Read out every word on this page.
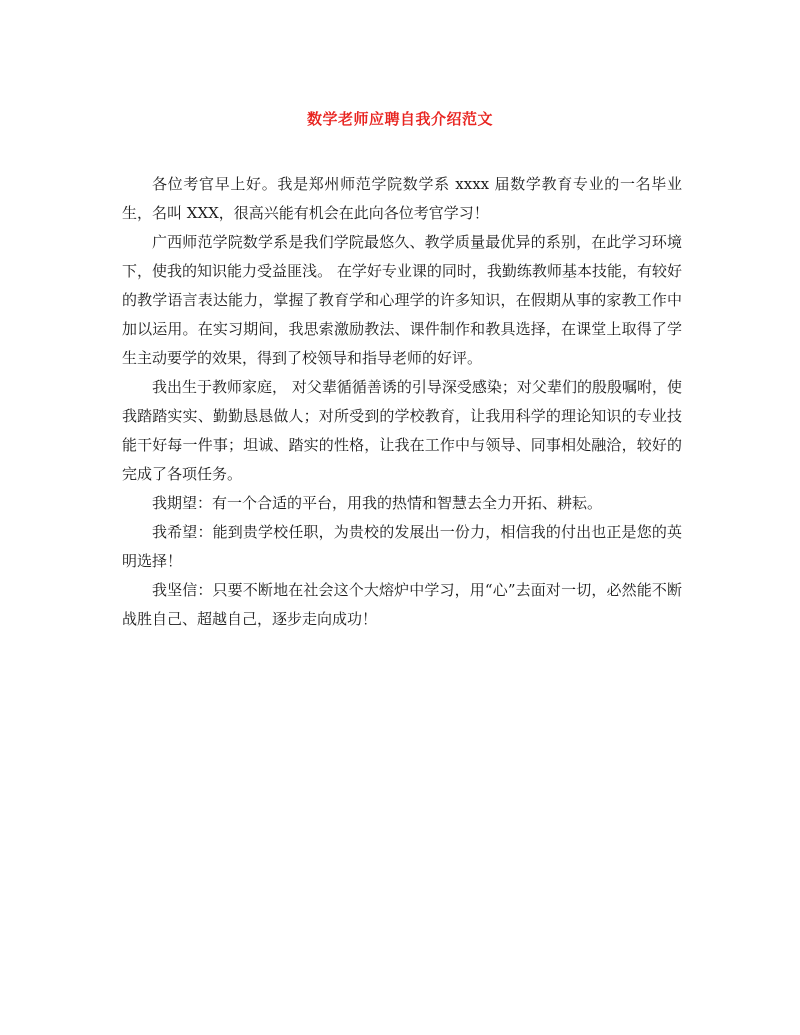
数学老师应聘自我介绍范文

各位考官早上好。我是郑州师范学院数学系 xxxx 届数学教育专业的一名毕业生，名叫 XXX，很高兴能有机会在此向各位考官学习！

广西师范学院数学系是我们学院最悠久、教学质量最优异的系别，在此学习环境下，使我的知识能力受益匪浅。 在学好专业课的同时，我勤练教师基本技能，有较好的教学语言表达能力，掌握了教育学和心理学的许多知识，在假期从事的家教工作中加以运用。在实习期间，我思索激励教法、课件制作和教具选择，在课堂上取得了学生主动要学的效果，得到了校领导和指导老师的好评。

我出生于教师家庭， 对父辈循循善诱的引导深受感染；对父辈们的殷殷嘱咐，使我踏踏实实、勤勤恳恳做人；对所受到的学校教育，让我用科学的理论知识的专业技能干好每一件事；坦诚、踏实的性格，让我在工作中与领导、同事相处融洽，较好的完成了各项任务。

我期望：有一个合适的平台，用我的热情和智慧去全力开拓、耕耘。

我希望：能到贵学校任职，为贵校的发展出一份力，相信我的付出也正是您的英明选择！

我坚信：只要不断地在社会这个大熔炉中学习，用“心”去面对一切，必然能不断战胜自己、超越自己，逐步走向成功！
